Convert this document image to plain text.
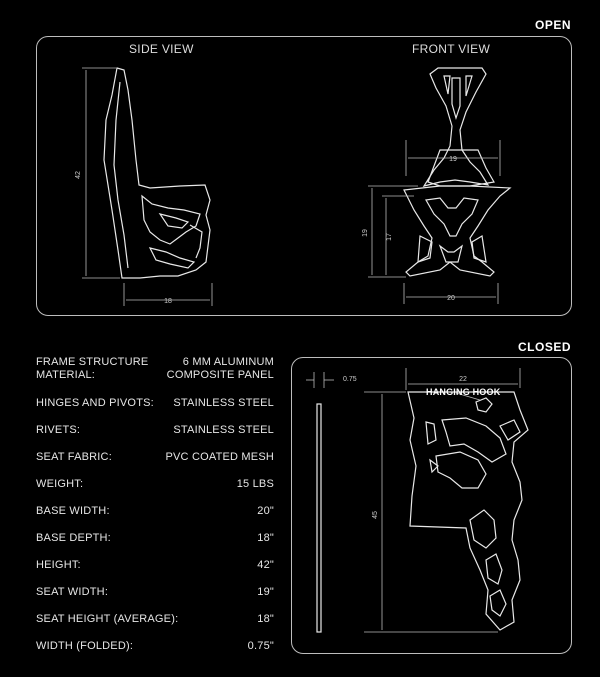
OPEN
SIDE VIEW	FRONT VIEW
42
18
19
19
17
20
FRAME STRUCTURE MATERIAL:
6 MM ALUMINUM COMPOSITE PANEL
HINGES AND PIVOTS: STAINLESS STEEL
RIVETS:	STAINLESS STEEL
SEAT FABRIC:	PVC COATED MESH
WEIGHT:	15 LBS
BASE WIDTH:	20"
BASE DEPTH:	18"
HEIGHT:	42"
SEAT WIDTH:	19"
SEAT HEIGHT (AVERAGE):	18"
WIDTH (FOLDED):	0.75"
CLOSED
0.75	22
45
HANGING HOOK
